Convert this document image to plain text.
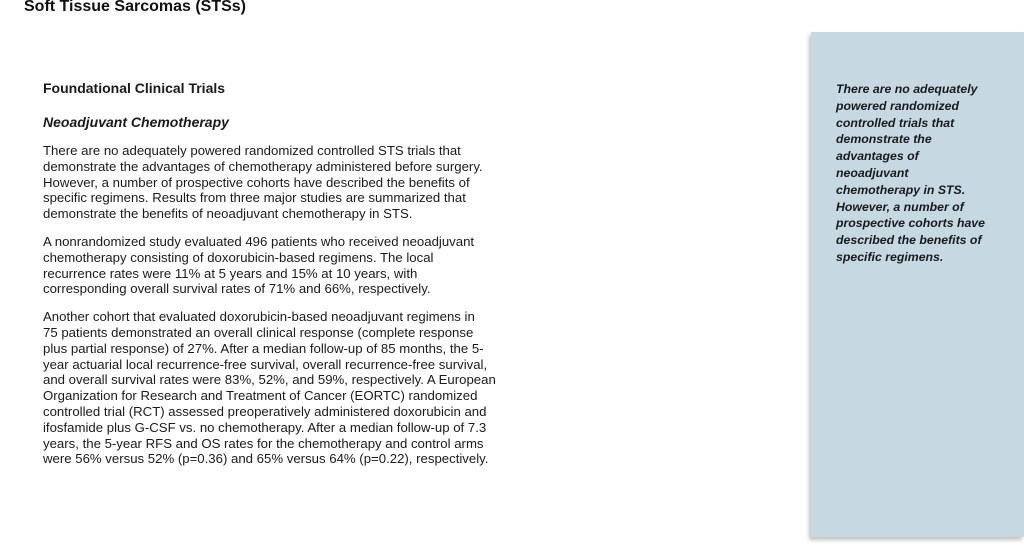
Soft Tissue Sarcomas (STSs)
Foundational Clinical Trials
Neoadjuvant Chemotherapy

There are no adequately powered randomized controlled STS trials that
demonstrate the advantages of chemotherapy administered before surgery.
However, a number of prospective cohorts have described the benefits of
specific regimens. Results from three major studies are summarized that
demonstrate the benefits of neoadjuvant chemotherapy in STS.

A nonrandomized study evaluated 496 patients who received neoadjuvant
chemotherapy consisting of doxorubicin-based regimens. The local
recurrence rates were 11% at 5 years and 15% at 10 years, with
corresponding overall survival rates of 71% and 66%, respectively.

Another cohort that evaluated doxorubicin-based neoadjuvant regimens in
75 patients demonstrated an overall clinical response (complete response
plus partial response) of 27%. After a median follow-up of 85 months, the 5-
year actuarial local recurrence-free survival, overall recurrence-free survival,
and overall survival rates were 83%, 52%, and 59%, respectively. A European
Organization for Research and Treatment of Cancer (EORTC) randomized
controlled trial (RCT) assessed preoperatively administered doxorubicin and
ifosfamide plus G-CSF vs. no chemotherapy. After a median follow-up of 7.3
years, the 5-year RFS and OS rates for the chemotherapy and control arms
were 56% versus 52% (p=0.36) and 65% versus 64% (p=0.22), respectively.

There are no adequately
powered randomized
controlled trials that
demonstrate the
advantages of
neoadjuvant
chemotherapy in STS.
However, a number of
prospective cohorts have
described the benefits of
specific regimens.
